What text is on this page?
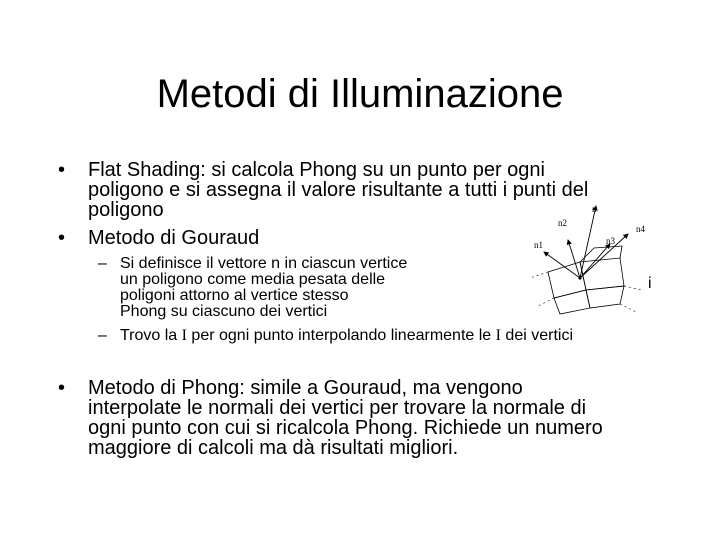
Metodi di Illuminazione
• Flat Shading: si calcola Phong su un punto per ogni
poligono e si assegna il valore risultante a tutti i punti del
poligono
• Metodo di Gouraud
– Si definisce il vettore n in ciascun vertice
un poligono come media pesata delle
poligoni attorno al vertice stesso
Phong su ciascuno dei vertici
– Trovo la I per ogni punto interpolando linearmente le I dei vertici
• Metodo di Phong: simile a Gouraud, ma vengono
interpolate le normali dei vertici per trovare la normale di
ogni punto con cui si ricalcola Phong. Richiede un numero
maggiore di calcoli ma dà risultati migliori.
n1
n2
n
n3
n4
i
